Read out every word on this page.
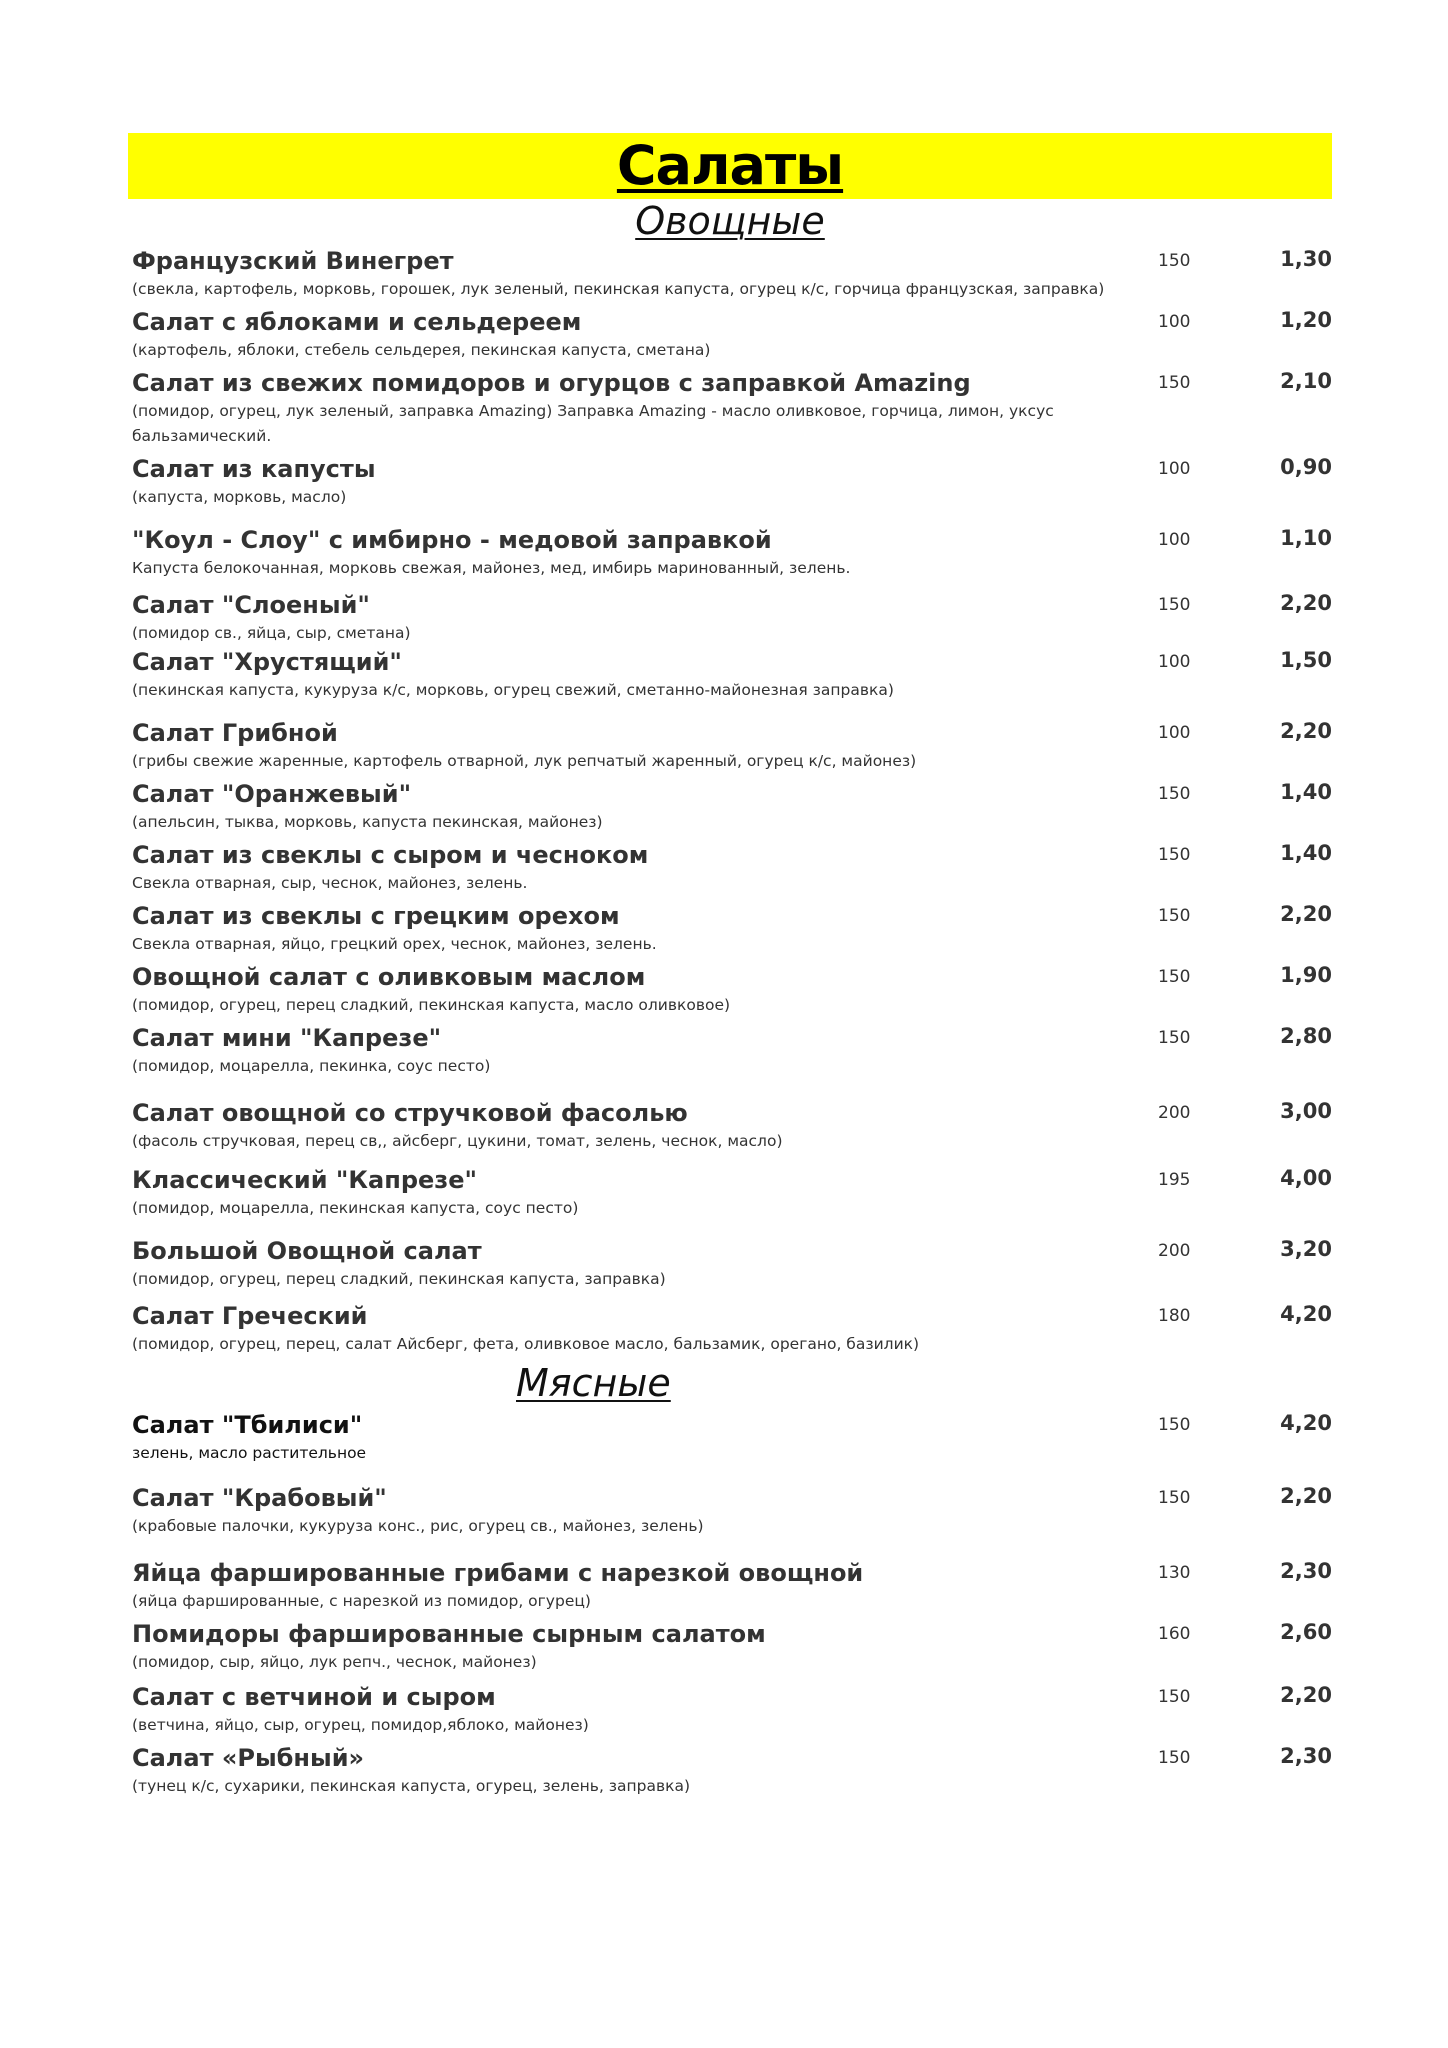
Салаты
Овощные
Французский Винегрет
(свекла, картофель, морковь, горошек, лук зеленый, пекинская капуста, огурец к/с, горчица французская, заправка)
150	1,30
Салат с яблоками и сельдереем
(картофель, яблоки, стебель сельдерея, пекинская капуста, сметана)
100	1,20
Салат из свежих помидоров и огурцов с заправкой Amazing
(помидор, огурец, лук зеленый, заправка Amazing) Заправка Amazing - масло оливковое, горчица, лимон, уксус бальзамический.
150	2,10
Салат из капусты
(капуста, морковь, масло)
100	0,90
"Коул - Слоу" с имбирно - медовой заправкой
Капуста белокочанная, морковь свежая, майонез, мед, имбирь маринованный, зелень.
100	1,10
Салат "Слоеный"
(помидор св., яйца, сыр, сметана)
150	2,20
Салат "Хрустящий"
(пекинская капуста, кукуруза к/с, морковь, огурец свежий, сметанно-майонезная заправка)
100	1,50
Салат Грибной
(грибы свежие жаренные, картофель отварной, лук репчатый жаренный, огурец к/с, майонез)
100	2,20
Салат "Оранжевый"
(апельсин, тыква, морковь, капуста пекинская, майонез)
150	1,40
Салат из свеклы с сыром и чесноком
Свекла отварная, сыр, чеснок, майонез, зелень.
150	1,40
Салат из свеклы с грецким орехом
Свекла отварная, яйцо, грецкий орех, чеснок, майонез, зелень.
150	2,20
Овощной салат с оливковым маслом
(помидор, огурец, перец сладкий, пекинская капуста, масло оливковое)
150	1,90
Салат мини "Капрезе"
(помидор, моцарелла, пекинка, соус песто)
150	2,80
Салат овощной со стручковой фасолью
(фасоль стручковая, перец св,, айсберг, цукини, томат, зелень, чеснок, масло)
200	3,00
Классический "Капрезе"
(помидор, моцарелла, пекинская капуста, соус песто)
195	4,00
Большой Овощной салат
(помидор, огурец, перец сладкий, пекинская капуста, заправка)
200	3,20
Салат Греческий
(помидор, огурец, перец, салат Айсберг, фета, оливковое масло, бальзамик, орегано, базилик)
180	4,20
Мясные
Салат "Тбилиси"
зелень, масло растительное
150	4,20
Салат "Крабовый"
(крабовые палочки, кукуруза конс., рис, огурец св., майонез, зелень)
150	2,20
Яйца фаршированные грибами с нарезкой овощной
(яйца фаршированные, с нарезкой из помидор, огурец)
130	2,30
Помидоры фаршированные сырным салатом
(помидор, сыр, яйцо, лук репч., чеснок, майонез)
160	2,60
Салат с ветчиной и сыром
(ветчина, яйцо, сыр, огурец, помидор,яблоко, майонез)
150	2,20
Салат «Рыбный»
(тунец к/с, сухарики, пекинская капуста, огурец, зелень, заправка)
150	2,30
